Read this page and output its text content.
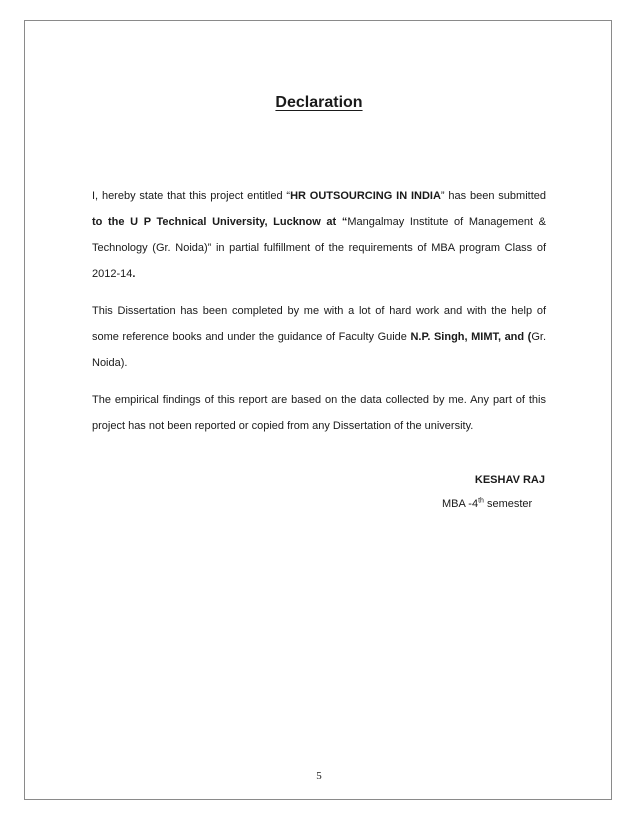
Declaration

I, hereby state that this project entitled “HR OUTSOURCING IN INDIA” has been submitted to the U P Technical University, Lucknow at “Mangalmay Institute of Management & Technology (Gr. Noida)” in partial fulfillment of the requirements of MBA program Class of 2012-14.

This Dissertation has been completed by me with a lot of hard work and with the help of some reference books and under the guidance of Faculty Guide N.P. Singh, MIMT, and (Gr. Noida).

The empirical findings of this report are based on the data collected by me. Any part of this project has not been reported or copied from any Dissertation of the university.

KESHAV RAJ
MBA -4th semester
5
